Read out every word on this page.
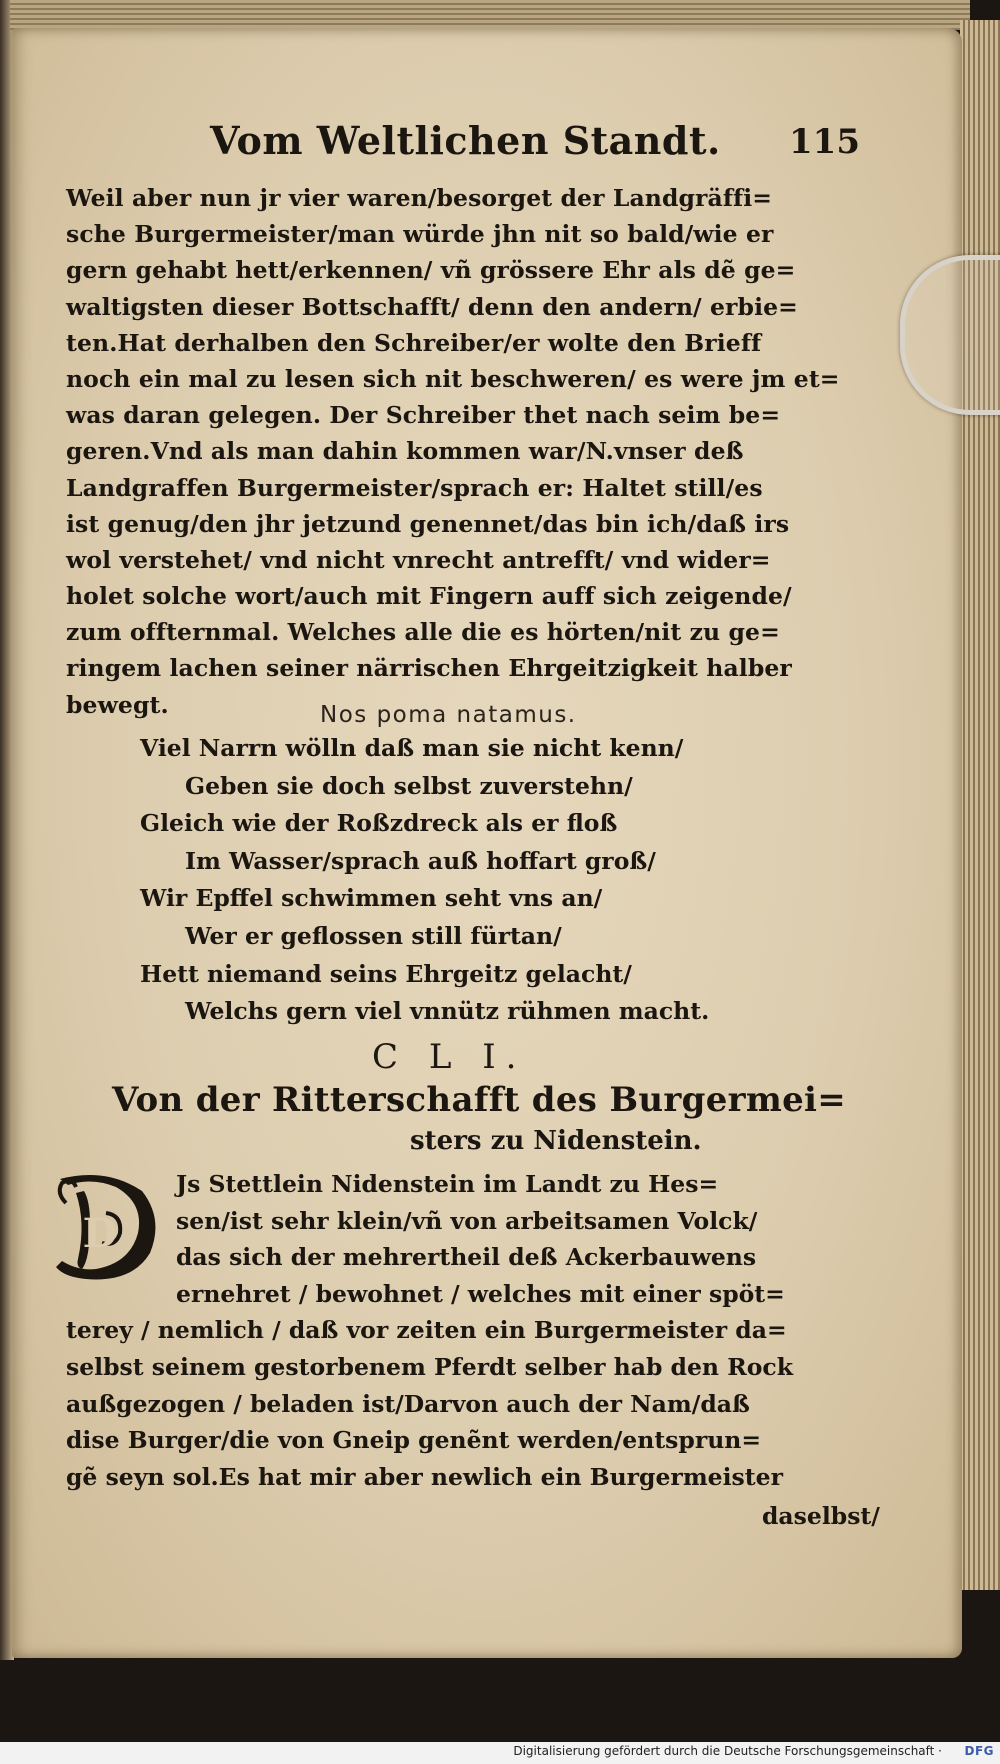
Vom Weltlichen Standt. 115
Weil aber nun jr vier waren/besorget der Landgräffi=
sche Burgermeister/man würde jhn nit so bald/wie er
gern gehabt hett/erkennen/ vñ grössere Ehr als dẽ ge=
waltigsten dieser Bottschafft/ denn den andern/ erbie=
ten.Hat derhalben den Schreiber/er wolte den Brieff
noch ein mal zu lesen sich nit beschweren/ es were jm et=
was daran gelegen. Der Schreiber thet nach seim be=
geren.Vnd als man dahin kommen war/N.vnser deß
Landgraffen Burgermeister/sprach er: Haltet still/es
ist genug/den jhr jetzund genennet/das bin ich/daß irs
wol verstehet/ vnd nicht vnrecht antrefft/ vnd wider=
holet solche wort/auch mit Fingern auff sich zeigende/
zum offternmal. Welches alle die es hörten/nit zu ge=
ringem lachen seiner närrischen Ehrgeitzigkeit halber
bewegt.	Nos poma natamus.
Viel Narrn wölln daß man sie nicht kenn/
Geben sie doch selbst zuverstehn/
Gleich wie der Roßzdreck als er floß
Im Wasser/sprach auß hoffart groß/
Wir Epffel schwimmen seht vns an/
Wer er geflossen still fürtan/
Hett niemand seins Ehrgeitz gelacht/
Welchs gern viel vnnütz rühmen macht.
C L I.
Von der Ritterschafft des Burgermei=
sters zu Nidenstein.
D
Js Stettlein Nidenstein im Landt zu Hes=
sen/ist sehr klein/vñ von arbeitsamen Volck/
das sich der mehrertheil deß Ackerbauwens
ernehret / bewohnet / welches mit einer spöt=
terey / nemlich / daß vor zeiten ein Burgermeister da=
selbst seinem gestorbenem Pferdt selber hab den Rock
außgezogen / beladen ist/Darvon auch der Nam/daß
dise Burger/die von Gneip genẽnt werden/entsprun=
gẽ seyn sol.Es hat mir aber newlich ein Burgermeister
daselbst/
Digitalisierung gefördert durch die Deutsche Forschungsgemeinschaft · DFG
